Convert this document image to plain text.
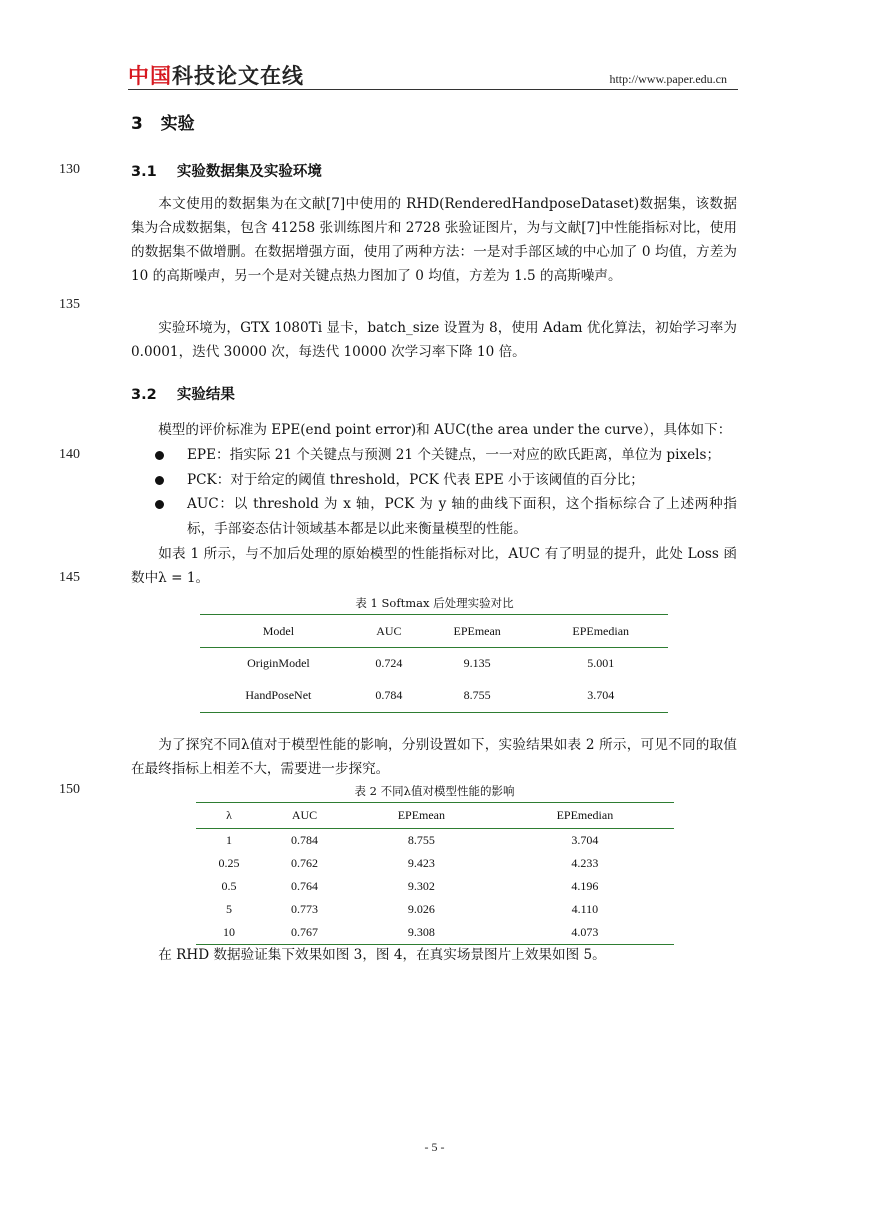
中国科技论文在线	http://www.paper.edu.cn
130
135
140
145
150
3 实验
3.1 实验数据集及实验环境

本文使用的数据集为在文献[7]中使用的 RHD(RenderedHandposeDataset)数据集，该数据集为合成数据集，包含 41258 张训练图片和 2728 张验证图片，为与文献[7]中性能指标对比，使用的数据集不做增删。在数据增强方面，使用了两种方法：一是对手部区域的中心加了 0 均值，方差为 10 的高斯噪声，另一个是对关键点热力图加了 0 均值，方差为 1.5 的高斯噪声。

实验环境为，GTX 1080Ti 显卡，batch_size 设置为 8，使用 Adam 优化算法，初始学习率为 0.0001，迭代 30000 次，每迭代 10000 次学习率下降 10 倍。

3.2 实验结果

模型的评价标准为 EPE(end point error)和 AUC(the area under the curve），具体如下：

EPE：指实际 21 个关键点与预测 21 个关键点，一一对应的欧氏距离，单位为 pixels；
PCK：对于给定的阈值 threshold，PCK 代表 EPE 小于该阈值的百分比；
AUC：以 threshold 为 x 轴，PCK 为 y 轴的曲线下面积，这个指标综合了上述两种指标，手部姿态估计领域基本都是以此来衡量模型的性能。

如表 1 所示，与不加后处理的原始模型的性能指标对比，AUC 有了明显的提升，此处 Loss 函数中λ = 1。

表 1 Softmax 后处理实验对比
Model	AUC	EPEmean	EPEmedian
OriginModel	0.724	9.135	5.001
HandPoseNet	0.784	8.755	3.704

为了探究不同λ值对于模型性能的影响，分别设置如下，实验结果如表 2 所示，可见不同的取值在最终指标上相差不大，需要进一步探究。

表 2 不同λ值对模型性能的影响
λ	AUC	EPEmean	EPEmedian
1	0.784	8.755	3.704
0.25	0.762	9.423	4.233
0.5	0.764	9.302	4.196
5	0.773	9.026	4.110
10	0.767	9.308	4.073

在 RHD 数据验证集下效果如图 3，图 4，在真实场景图片上效果如图 5。

- 5 -
